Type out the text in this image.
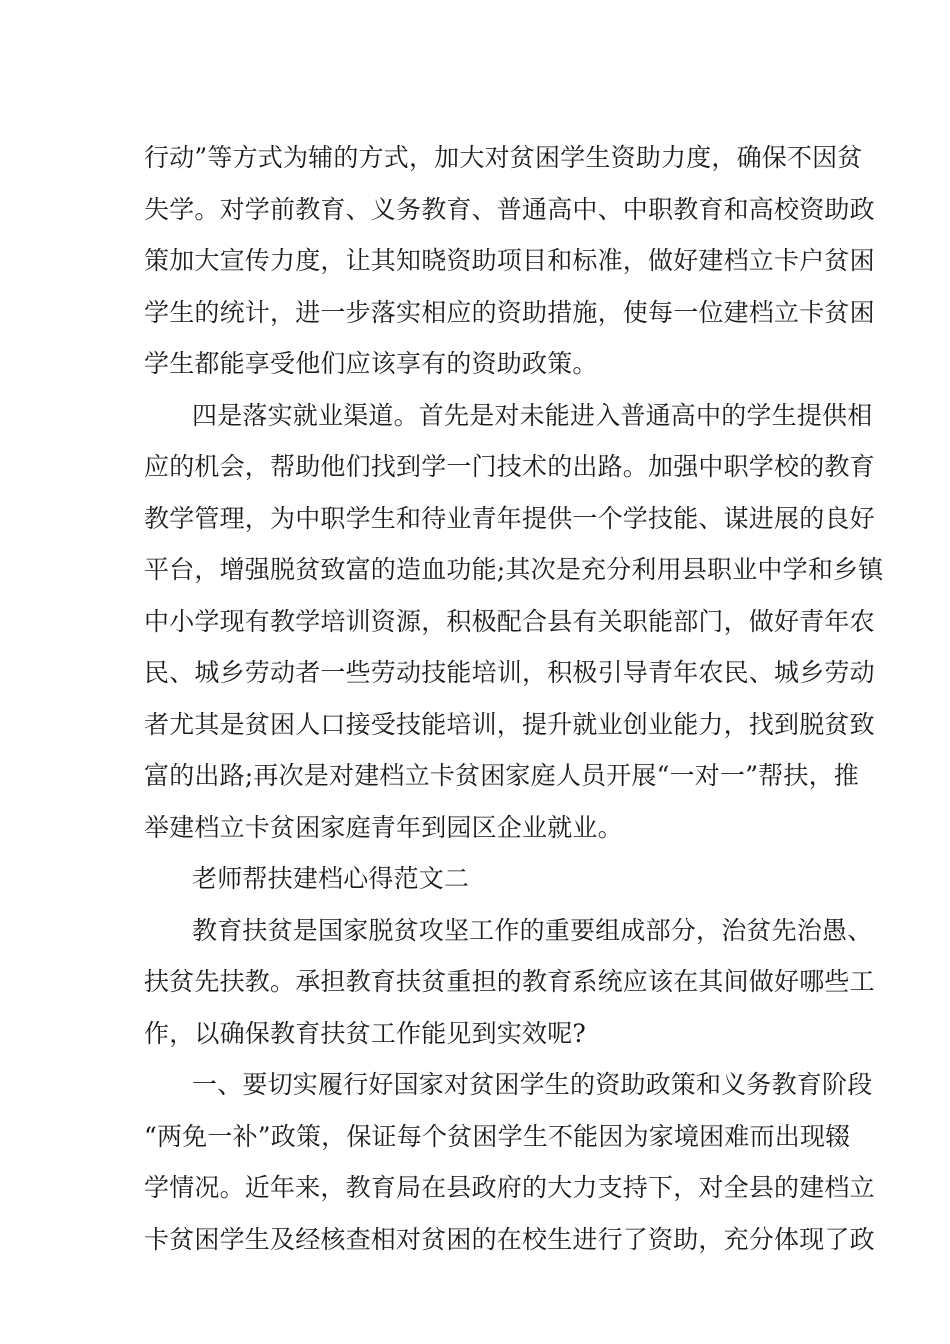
行动”等方式为辅的方式，加大对贫困学生资助力度，确保不因贫
失学。对学前教育、义务教育、普通高中、中职教育和高校资助政
策加大宣传力度，让其知晓资助项目和标准，做好建档立卡户贫困
学生的统计，进一步落实相应的资助措施，使每一位建档立卡贫困
学生都能享受他们应该享有的资助政策。
四是落实就业渠道。首先是对未能进入普通高中的学生提供相
应的机会，帮助他们找到学一门技术的出路。加强中职学校的教育
教学管理，为中职学生和待业青年提供一个学技能、谋进展的良好
平台，增强脱贫致富的造血功能;其次是充分利用县职业中学和乡镇
中小学现有教学培训资源，积极配合县有关职能部门，做好青年农
民、城乡劳动者一些劳动技能培训，积极引导青年农民、城乡劳动
者尤其是贫困人口接受技能培训，提升就业创业能力，找到脱贫致
富的出路;再次是对建档立卡贫困家庭人员开展“一对一”帮扶，推
举建档立卡贫困家庭青年到园区企业就业。
老师帮扶建档心得范文二
教育扶贫是国家脱贫攻坚工作的重要组成部分，治贫先治愚、
扶贫先扶教。承担教育扶贫重担的教育系统应该在其间做好哪些工
作，以确保教育扶贫工作能见到实效呢?
一、要切实履行好国家对贫困学生的资助政策和义务教育阶段
“两免一补”政策，保证每个贫困学生不能因为家境困难而出现辍
学情况。近年来，教育局在县政府的大力支持下，对全县的建档立
卡贫困学生及经核查相对贫困的在校生进行了资助，充分体现了政
